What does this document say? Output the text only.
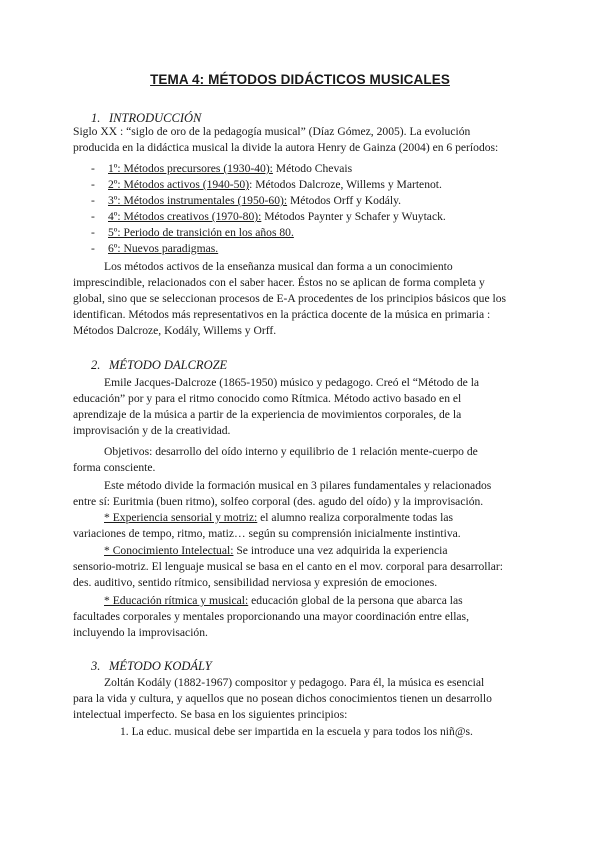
TEMA 4: MÉTODOS DIDÁCTICOS MUSICALES
1. INTRODUCCIÓN
Siglo XX : “siglo de oro de la pedagogía musical” (Díaz Gómez, 2005). La evolución
producida en la didáctica musical la divide la autora Henry de Gainza (2004) en 6 períodos:
- 1º: Métodos precursores (1930-40): Método Chevais
- 2º: Métodos activos (1940-50): Métodos Dalcroze, Willems y Martenot.
- 3º: Métodos instrumentales (1950-60): Métodos Orff y Kodály.
- 4º: Métodos creativos (1970-80): Métodos Paynter y Schafer y Wuytack.
- 5º: Periodo de transición en los años 80.
- 6º: Nuevos paradigmas.
Los métodos activos de la enseñanza musical dan forma a un conocimiento
imprescindible, relacionados con el saber hacer. Éstos no se aplican de forma completa y
global, sino que se seleccionan procesos de E-A procedentes de los principios básicos que los
identifican. Métodos más representativos en la práctica docente de la música en primaria :
Métodos Dalcroze, Kodály, Willems y Orff.
2. MÉTODO DALCROZE
Emile Jacques-Dalcroze (1865-1950) músico y pedagogo. Creó el “Método de la
educación” por y para el ritmo conocido como Rítmica. Método activo basado en el
aprendizaje de la música a partir de la experiencia de movimientos corporales, de la
improvisación y de la creatividad.
Objetivos: desarrollo del oído interno y equilibrio de 1 relación mente-cuerpo de
forma consciente.
Este método divide la formación musical en 3 pilares fundamentales y relacionados
entre sí: Euritmia (buen ritmo), solfeo corporal (des. agudo del oído) y la improvisación.
* Experiencia sensorial y motriz: el alumno realiza corporalmente todas las
variaciones de tempo, ritmo, matiz… según su comprensión inicialmente instintiva.
* Conocimiento Intelectual: Se introduce una vez adquirida la experiencia
sensorio-motriz. El lenguaje musical se basa en el canto en el mov. corporal para desarrollar:
des. auditivo, sentido rítmico, sensibilidad nerviosa y expresión de emociones.
* Educación rítmica y musical: educación global de la persona que abarca las
facultades corporales y mentales proporcionando una mayor coordinación entre ellas,
incluyendo la improvisación.
3. MÉTODO KODÁLY
Zoltán Kodály (1882-1967) compositor y pedagogo. Para él, la música es esencial
para la vida y cultura, y aquellos que no posean dichos conocimientos tienen un desarrollo
intelectual imperfecto. Se basa en los siguientes principios:
1. La educ. musical debe ser impartida en la escuela y para todos los niñ@s.
